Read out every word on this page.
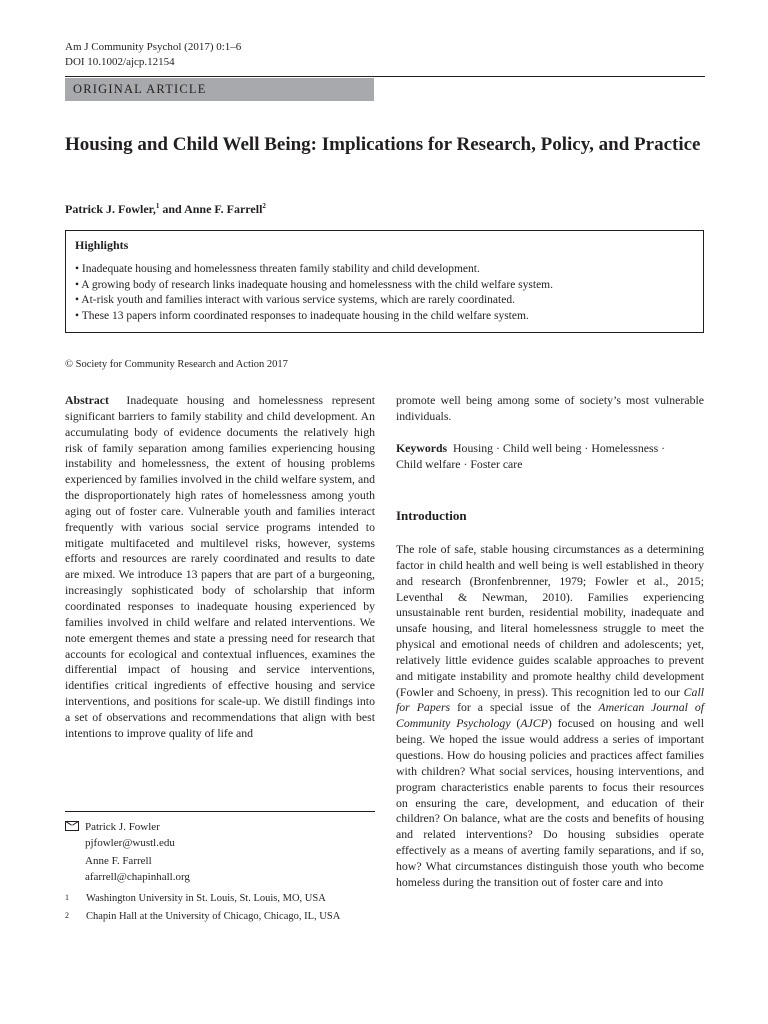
Am J Community Psychol (2017) 0:1–6
DOI 10.1002/ajcp.12154
ORIGINAL ARTICLE
Housing and Child Well Being: Implications for Research, Policy, and Practice
Patrick J. Fowler,$^1$ and Anne F. Farrell$^2$
Highlights
• Inadequate housing and homelessness threaten family stability and child development.
• A growing body of research links inadequate housing and homelessness with the child welfare system.
• At-risk youth and families interact with various service systems, which are rarely coordinated.
• These 13 papers inform coordinated responses to inadequate housing in the child welfare system.
© Society for Community Research and Action 2017
Abstract Inadequate housing and homelessness represent significant barriers to family stability and child development. An accumulating body of evidence documents the relatively high risk of family separation among families experiencing housing instability and homelessness, the extent of housing problems experienced by families involved in the child welfare system, and the disproportionately high rates of homelessness among youth aging out of foster care. Vulnerable youth and families interact frequently with various social service programs intended to mitigate multifaceted and multilevel risks, however, systems efforts and resources are rarely coordinated and results to date are mixed. We introduce 13 papers that are part of a burgeoning, increasingly sophisticated body of scholarship that inform coordinated responses to inadequate housing experienced by families involved in child welfare and related interventions. We note emergent themes and state a pressing need for research that accounts for ecological and contextual influences, examines the differential impact of housing and service interventions, identifies critical ingredients of effective housing and service interventions, and positions for scale-up. We distill findings into a set of observations and recommendations that align with best intentions to improve quality of life and
promote well being among some of society’s most vulnerable individuals.
Keywords Housing · Child well being · Homelessness ·
Child welfare · Foster care
Introduction
The role of safe, stable housing circumstances as a determining factor in child health and well being is well established in theory and research (Bronfenbrenner, 1979; Fowler et al., 2015; Leventhal & Newman, 2010). Families experiencing unsustainable rent burden, residential mobility, inadequate and unsafe housing, and literal homelessness struggle to meet the physical and emotional needs of children and adolescents; yet, relatively little evidence guides scalable approaches to prevent and mitigate instability and promote healthy child development (Fowler and Schoeny, in press). This recognition led to our Call for Papers for a special issue of the American Journal of Community Psychology (AJCP) focused on housing and well being. We hoped the issue would address a series of important questions. How do housing policies and practices affect families with children? What social services, housing interventions, and program characteristics enable parents to focus their resources on ensuring the care, development, and education of their children? On balance, what are the costs and benefits of housing and related interventions? Do housing subsidies operate effectively as a means of averting family separations, and if so, how? What circumstances distinguish those youth who become homeless during the transition out of foster care and into
Patrick J. Fowler
pjfowler@wustl.edu
Anne F. Farrell
afarrell@chapinhall.org
1 Washington University in St. Louis, St. Louis, MO, USA
2 Chapin Hall at the University of Chicago, Chicago, IL, USA
